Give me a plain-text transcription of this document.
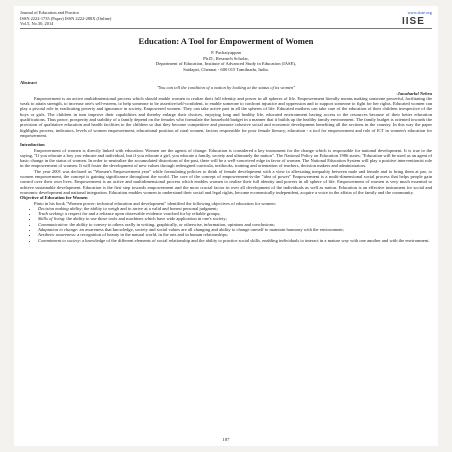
Journal of Education and Practice
ISSN 2222-1735 (Paper) ISSN 2222-288X (Online)
Vol.5, No.30, 2014
www.iiste.org
IISE
Education: A Tool for Empowerment of Women
P. Pachaiyappan
Ph.D., Research Scholar,
Department of Education, Institute of Advanced Study in Education (IASE),
Saidapet, Chennai - 600 015 Tamilnadu, India.

Abstract

"You can tell the condition of a nation by looking at the status of its women"

-Jawaharlal Nehru

Empowerment is an active multidimensional process which should enable women to realize their full identity and power in all spheres of life. Empowerment literally means making someone powerful, facilitating the weak to attain strength, to increase one's self-esteem, to help someone to be assertive/self-confident, to enable someone to confront injustice and oppression and to support someone to fight for her rights. Educated women can play a pivotal role in eradicating poverty and ignorance in society. Empowered women. They can take active part in all the spheres of life. Educated mothers can take care of the education of their children irrespective of the boys or girls. The children in turn improve their capabilities and thereby enlarge their choices, enjoying long and healthy life, educated environment having access to the resources because of their better education qualifications. Thus peace, prosperity and stability of a family depend on the females who formulate the household budget in a manner that it builds up the healthy family environment. The family budget is oriented towards the provision of qualitative education and health facilities to the children so that they become competitive and promote cohesive social and economic development benefiting all the sections in the country. In this way the paper highlights process, indicators, levels of women empowerment, educational position of rural women, factors responsible for poor female literacy, education - a tool for empowerment and role of ICT in women's education for empowerment.

Introduction

Empowerment of women is directly linked with education. Women are the agents of change. Education is considered a key instrument for the change which is responsible for national development. It is true to the saying, "If you educate a boy you educate and individual, but if you educate a girl, you educate a family, society and ultimately the nation". The National Policy on Education 1986 states, "Education will be used as an agent of basic change in the status of women. In order to neutralize the accumulated distortions of the past, there will be a well-conceived edge in favor of women. The National Education System will play a positive interventionist role in the empowerment of women. It will foster the development of new values through redesigned curricula, textbooks, training and orientation of teachers, decision makers and administrators.

The year 2001 was declared as "Women's Empowerment year" while formulating policies to think of female development with a view to alleviating inequality between male and female and to bring them at par, to women empowerment, the concept is gaining significance throughout the world. The core of the concept of empowerment-is-the "idea of power" Empowerment is a multi-dimensional social process that helps people gain control over their own lives. Empowerment is an active and multidimensional process which enables women to realize their full identity and powers in all sphere of life. Empowerment of women is very much essential to achieve sustainable development. Education is the first step towards empowerment and the most crucial factor in over all development of the individuals as well as nation. Education is an effective instrument for social and economic development and national integration. Education enables women to understand their social and legal rights, become economically independent, acquire a voice in the affairs of the family and the community.

Objective of Education for Women

Pinto in his book "Women power: technical education and development" identified the following objectives of education for women:

• Decision making ability: the ability to weigh and to arrive at a valid and honest personal judgment;
• Truth seeking: a respect for and a reliance upon observable evidence vouched for by reliable groups;
• Skills of living: the ability to use those tools and machines which have wide application in one's society;
• Communication: the ability to convey to others orally in writing, graphically, or otherwise, information, opinions and conclusions;
• Adaptation to change: an awareness that knowledge, society and social values are all changing and ability to change oneself to maintain harmony with the environment;
• Aesthetic awareness: a recognition of beauty in the natural world, in the arts and in human relationships;
• Commitment to society: a knowledge of the different elements of social relationship and the ability to practice social skills, enabling individuals to interact in a mature way with one another and with the environment.
187
